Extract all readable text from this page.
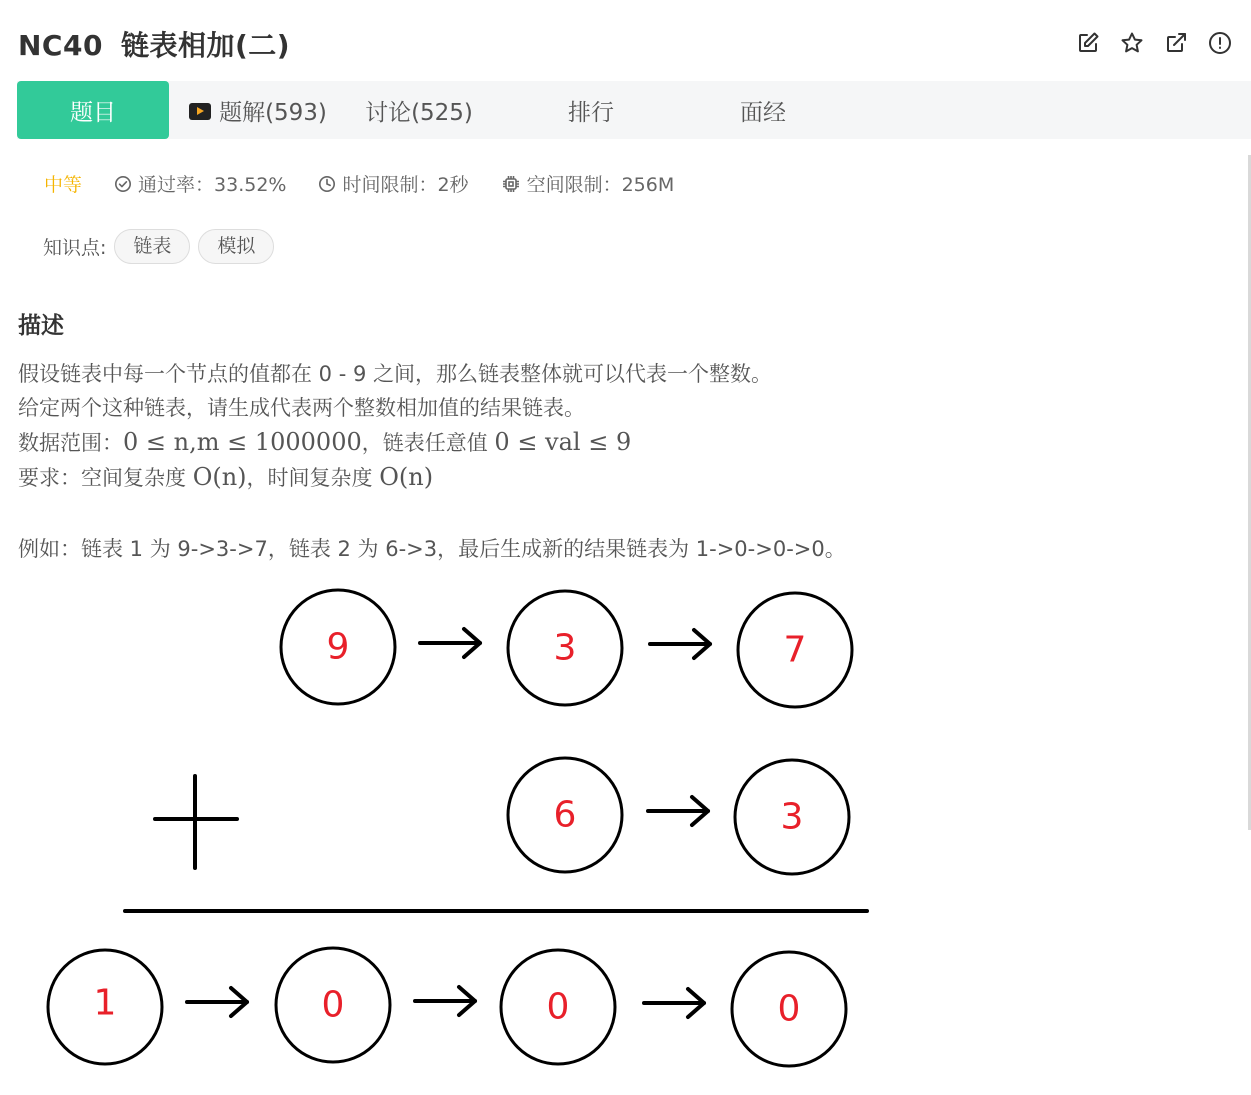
NC40 链表相加(二)
题目	题解(593) 讨论(525)	排行	面经
中等	通过率：33.52%	时间限制：2秒	空间限制：256M
知识点:	链表	模拟
描述
假设链表中每一个节点的值都在 0 - 9 之间，那么链表整体就可以代表一个整数。
给定两个这种链表，请生成代表两个整数相加值的结果链表。
数据范围：0 ≤ n,m ≤ 1000000，链表任意值 0 ≤ val ≤ 9
要求：空间复杂度 O(n)，时间复杂度 O(n)
例如：链表 1 为 9->3->7，链表 2 为 6->3，最后生成新的结果链表为 1->0->0->0。
9	3	7
6	3
1	0	0	0
